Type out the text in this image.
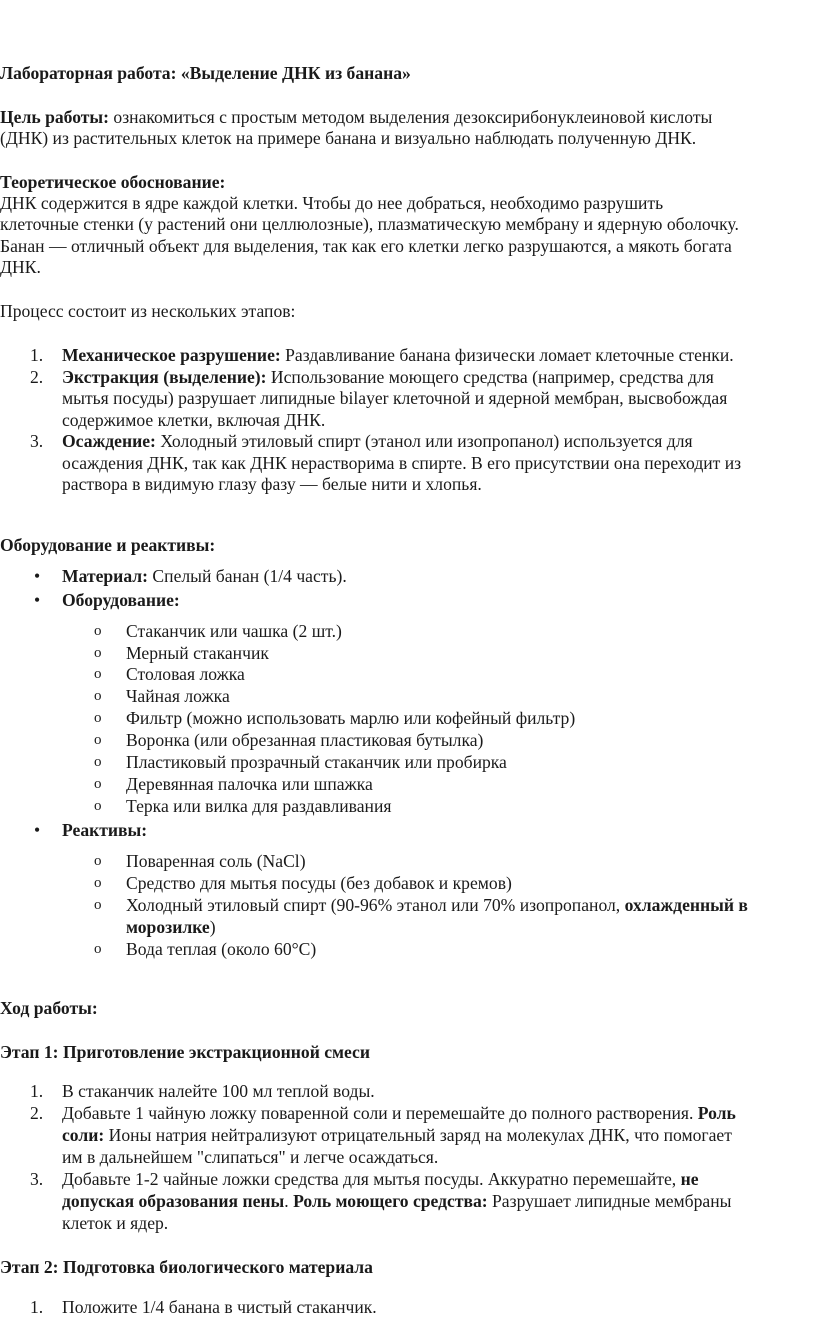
Лабораторная работа: «Выделение ДНК из банана»
Цель работы: ознакомиться с простым методом выделения дезоксирибонуклеиновой кислоты
(ДНК) из растительных клеток на примере банана и визуально наблюдать полученную ДНК.
Теоретическое обоснование:
ДНК содержится в ядре каждой клетки. Чтобы до нее добраться, необходимо разрушить
клеточные стенки (у растений они целлюлозные), плазматическую мембрану и ядерную оболочку.
Банан — отличный объект для выделения, так как его клетки легко разрушаются, а мякоть богата
ДНК.
Процесс состоит из нескольких этапов:
1. Механическое разрушение: Раздавливание банана физически ломает клеточные стенки.
2. Экстракция (выделение): Использование моющего средства (например, средства для
мытья посуды) разрушает липидные bilayer клеточной и ядерной мембран, высвобождая
содержимое клетки, включая ДНК.
3. Осаждение: Холодный этиловый спирт (этанол или изопропанол) используется для
осаждения ДНК, так как ДНК нерастворима в спирте. В его присутствии она переходит из
раствора в видимую глазу фазу — белые нити и хлопья.
Оборудование и реактивы:
• Материал: Спелый банан (1/4 часть).
• Оборудование:
o Стаканчик или чашка (2 шт.)
o Мерный стаканчик
o Столовая ложка
o Чайная ложка
o Фильтр (можно использовать марлю или кофейный фильтр)
o Воронка (или обрезанная пластиковая бутылка)
o Пластиковый прозрачный стаканчик или пробирка
o Деревянная палочка или шпажка
o Терка или вилка для раздавливания
• Реактивы:
o Поваренная соль (NaCl)
o Средство для мытья посуды (без добавок и кремов)
o Холодный этиловый спирт (90-96% этанол или 70% изопропанол, охлажденный в
морозилке)
o Вода теплая (около 60°C)
Ход работы:
Этап 1: Приготовление экстракционной смеси
1. В стаканчик налейте 100 мл теплой воды.
2. Добавьте 1 чайную ложку поваренной соли и перемешайте до полного растворения. Роль
соли: Ионы натрия нейтрализуют отрицательный заряд на молекулах ДНК, что помогает
им в дальнейшем "слипаться" и легче осаждаться.
3. Добавьте 1-2 чайные ложки средства для мытья посуды. Аккуратно перемешайте, не
допуская образования пены. Роль моющего средства: Разрушает липидные мембраны
клеток и ядер.
Этап 2: Подготовка биологического материала
1. Положите 1/4 банана в чистый стаканчик.
